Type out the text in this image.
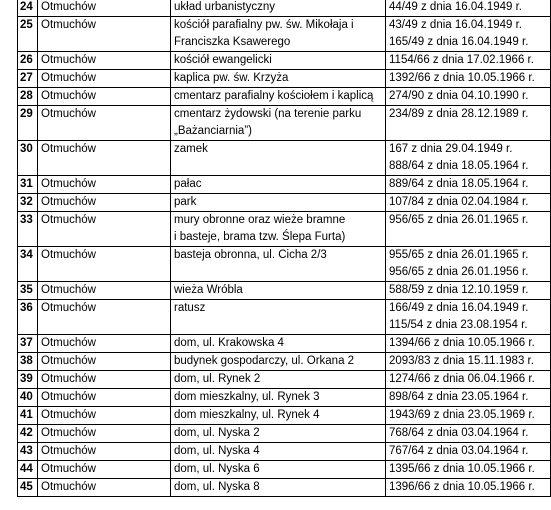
24	Otmuchów	układ urbanistyczny	44/49 z dnia 16.04.1949 r.

25	Otmuchów	kościół parafialny pw. św. Mikołaja i
Franciszka Ksawerego	43/49 z dnia 16.04.1949 r.
165/49 z dnia 16.04.1949 r.

26	Otmuchów	kościół ewangelicki	1154/66 z dnia 17.02.1966 r.

27	Otmuchów	kaplica pw. św. Krzyża	1392/66 z dnia 10.05.1966 r.

28	Otmuchów	cmentarz parafialny kościołem i kaplicą	274/90 z dnia 04.10.1990 r.

29	Otmuchów	cmentarz żydowski (na terenie parku
„Bażanciarnia”)	234/89 z dnia 28.12.1989 r.

30	Otmuchów	zamek	167 z dnia 29.04.1949 r.
888/64 z dnia 18.05.1964 r.

31	Otmuchów	pałac	889/64 z dnia 18.05.1964 r.

32	Otmuchów	park	107/84 z dnia 02.04.1984 r.

33	Otmuchów	mury obronne oraz wieże bramne
i basteje, brama tzw. Ślepa Furta)	956/65 z dnia 26.01.1965 r.

34	Otmuchów	basteja obronna, ul. Cicha 2/3	955/65 z dnia 26.01.1965 r.
956/65 z dnia 26.01.1956 r.

35	Otmuchów	wieża Wróbla	588/59 z dnia 12.10.1959 r.

36	Otmuchów	ratusz	166/49 z dnia 16.04.1949 r.
115/54 z dnia 23.08.1954 r.

37	Otmuchów	dom, ul. Krakowska 4	1394/66 z dnia 10.05.1966 r.

38	Otmuchów	budynek gospodarczy, ul. Orkana 2	2093/83 z dnia 15.11.1983 r.

39	Otmuchów	dom, ul. Rynek 2	1274/66 z dnia 06.04.1966 r.

40	Otmuchów	dom mieszkalny, ul. Rynek 3	898/64 z dnia 23.05.1964 r.

41	Otmuchów	dom mieszkalny, ul. Rynek 4	1943/69 z dnia 23.05.1969 r.

42	Otmuchów	dom, ul. Nyska 2	768/64 z dnia 03.04.1964 r.

43	Otmuchów	dom, ul. Nyska 4	767/64 z dnia 03.04.1964 r.

44	Otmuchów	dom, ul. Nyska 6	1395/66 z dnia 10.05.1966 r.

45	Otmuchów	dom, ul. Nyska 8	1396/66 z dnia 10.05.1966 r.
